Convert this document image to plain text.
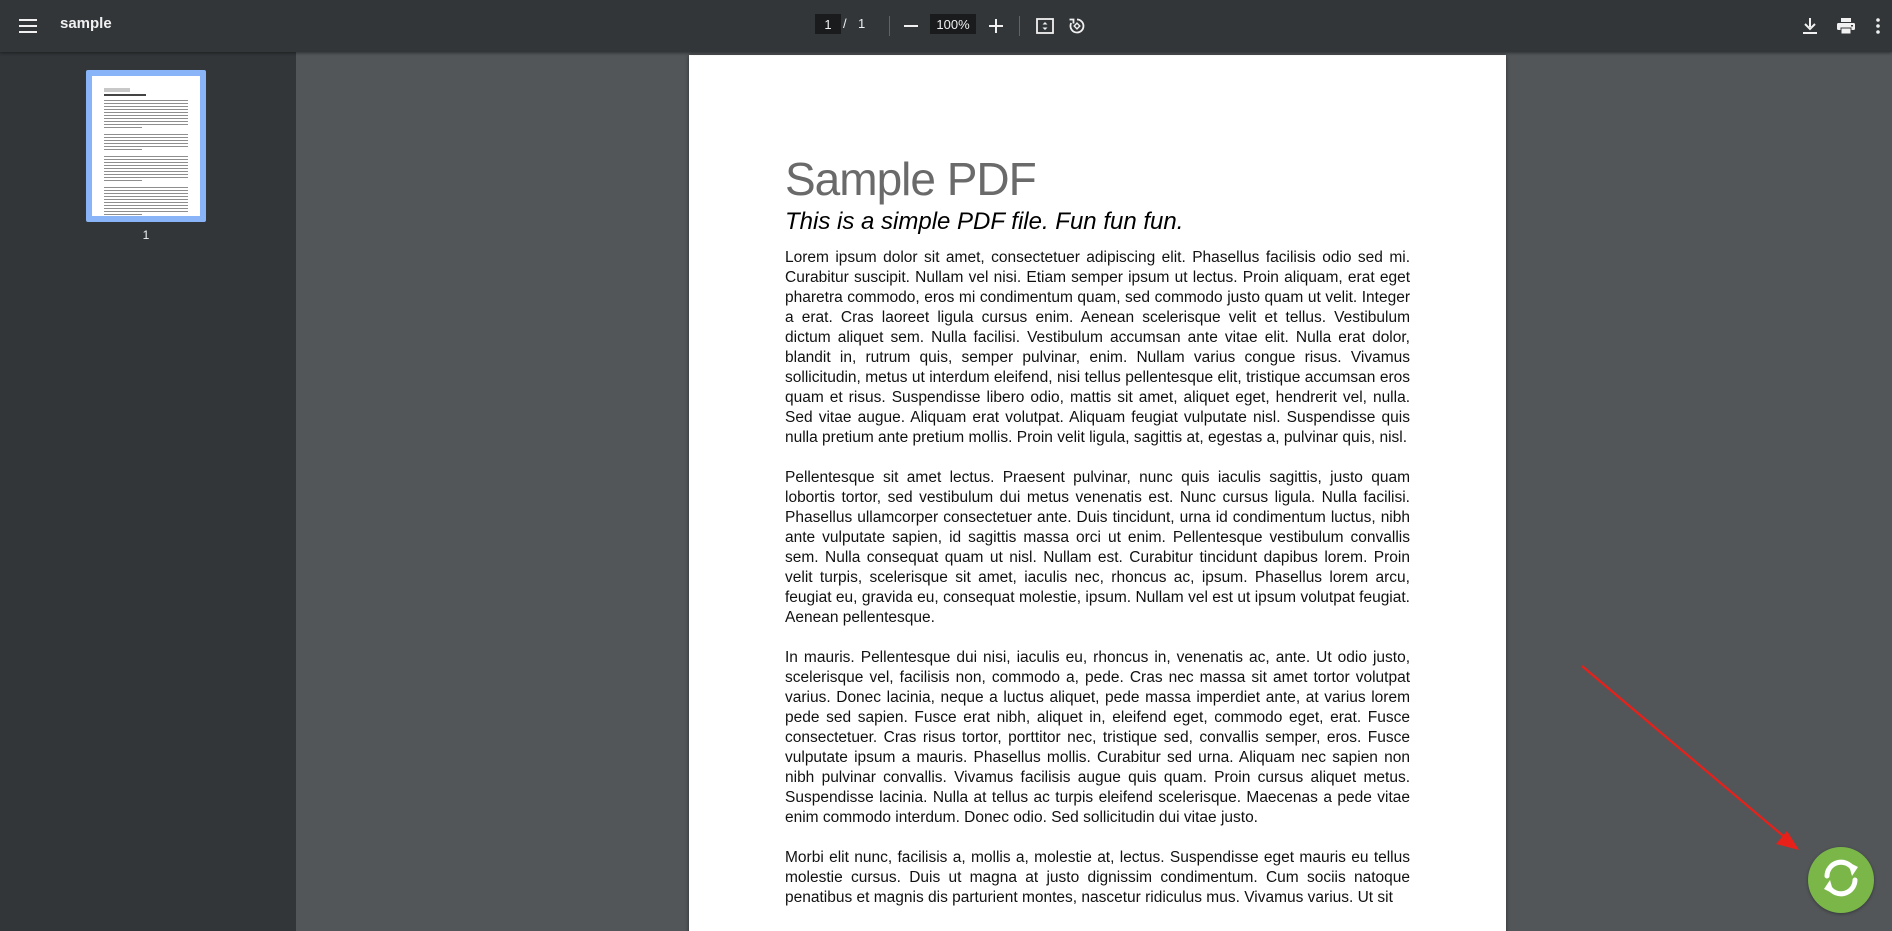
sample
1	/ 1
100%
1
Sample PDF

This is a simple PDF file. Fun fun fun.

Lorem ipsum dolor sit amet, consectetuer adipiscing elit. Phasellus facilisis odio sed mi. Curabitur suscipit. Nullam vel nisi. Etiam semper ipsum ut lectus. Proin aliquam, erat eget pharetra commodo, eros mi condimentum quam, sed commodo justo quam ut velit. Integer a erat. Cras laoreet ligula cursus enim. Aenean scelerisque velit et tellus. Vestibulum dictum aliquet sem. Nulla facilisi. Vestibulum accumsan ante vitae elit. Nulla erat dolor, blandit in, rutrum quis, semper pulvinar, enim. Nullam varius congue risus. Vivamus sollicitudin, metus ut interdum eleifend, nisi tellus pellentesque elit, tristique accumsan eros quam et risus. Suspendisse libero odio, mattis sit amet, aliquet eget, hendrerit vel, nulla. Sed vitae augue. Aliquam erat volutpat. Aliquam feugiat vulputate nisl. Suspendisse quis nulla pretium ante pretium mollis. Proin velit ligula, sagittis at, egestas a, pulvinar quis, nisl.

Pellentesque sit amet lectus. Praesent pulvinar, nunc quis iaculis sagittis, justo quam lobortis tortor, sed vestibulum dui metus venenatis est. Nunc cursus ligula. Nulla facilisi. Phasellus ullamcorper consectetuer ante. Duis tincidunt, urna id condimentum luctus, nibh ante vulputate sapien, id sagittis massa orci ut enim. Pellentesque vestibulum convallis sem. Nulla consequat quam ut nisl. Nullam est. Curabitur tincidunt dapibus lorem. Proin velit turpis, scelerisque sit amet, iaculis nec, rhoncus ac, ipsum. Phasellus lorem arcu, feugiat eu, gravida eu, consequat molestie, ipsum. Nullam vel est ut ipsum volutpat feugiat. Aenean pellentesque.

In mauris. Pellentesque dui nisi, iaculis eu, rhoncus in, venenatis ac, ante. Ut odio justo, scelerisque vel, facilisis non, commodo a, pede. Cras nec massa sit amet tortor volutpat varius. Donec lacinia, neque a luctus aliquet, pede massa imperdiet ante, at varius lorem pede sed sapien. Fusce erat nibh, aliquet in, eleifend eget, commodo eget, erat. Fusce consectetuer. Cras risus tortor, porttitor nec, tristique sed, convallis semper, eros. Fusce vulputate ipsum a mauris. Phasellus mollis. Curabitur sed urna. Aliquam nec sapien non nibh pulvinar convallis. Vivamus facilisis augue quis quam. Proin cursus aliquet metus. Suspendisse lacinia. Nulla at tellus ac turpis eleifend scelerisque. Maecenas a pede vitae enim commodo interdum. Donec odio. Sed sollicitudin dui vitae justo.

Morbi elit nunc, facilisis a, mollis a, molestie at, lectus. Suspendisse eget mauris eu tellus molestie cursus. Duis ut magna at justo dignissim condimentum. Cum sociis natoque penatibus et magnis dis parturient montes, nascetur ridiculus mus. Vivamus varius. Ut sit
